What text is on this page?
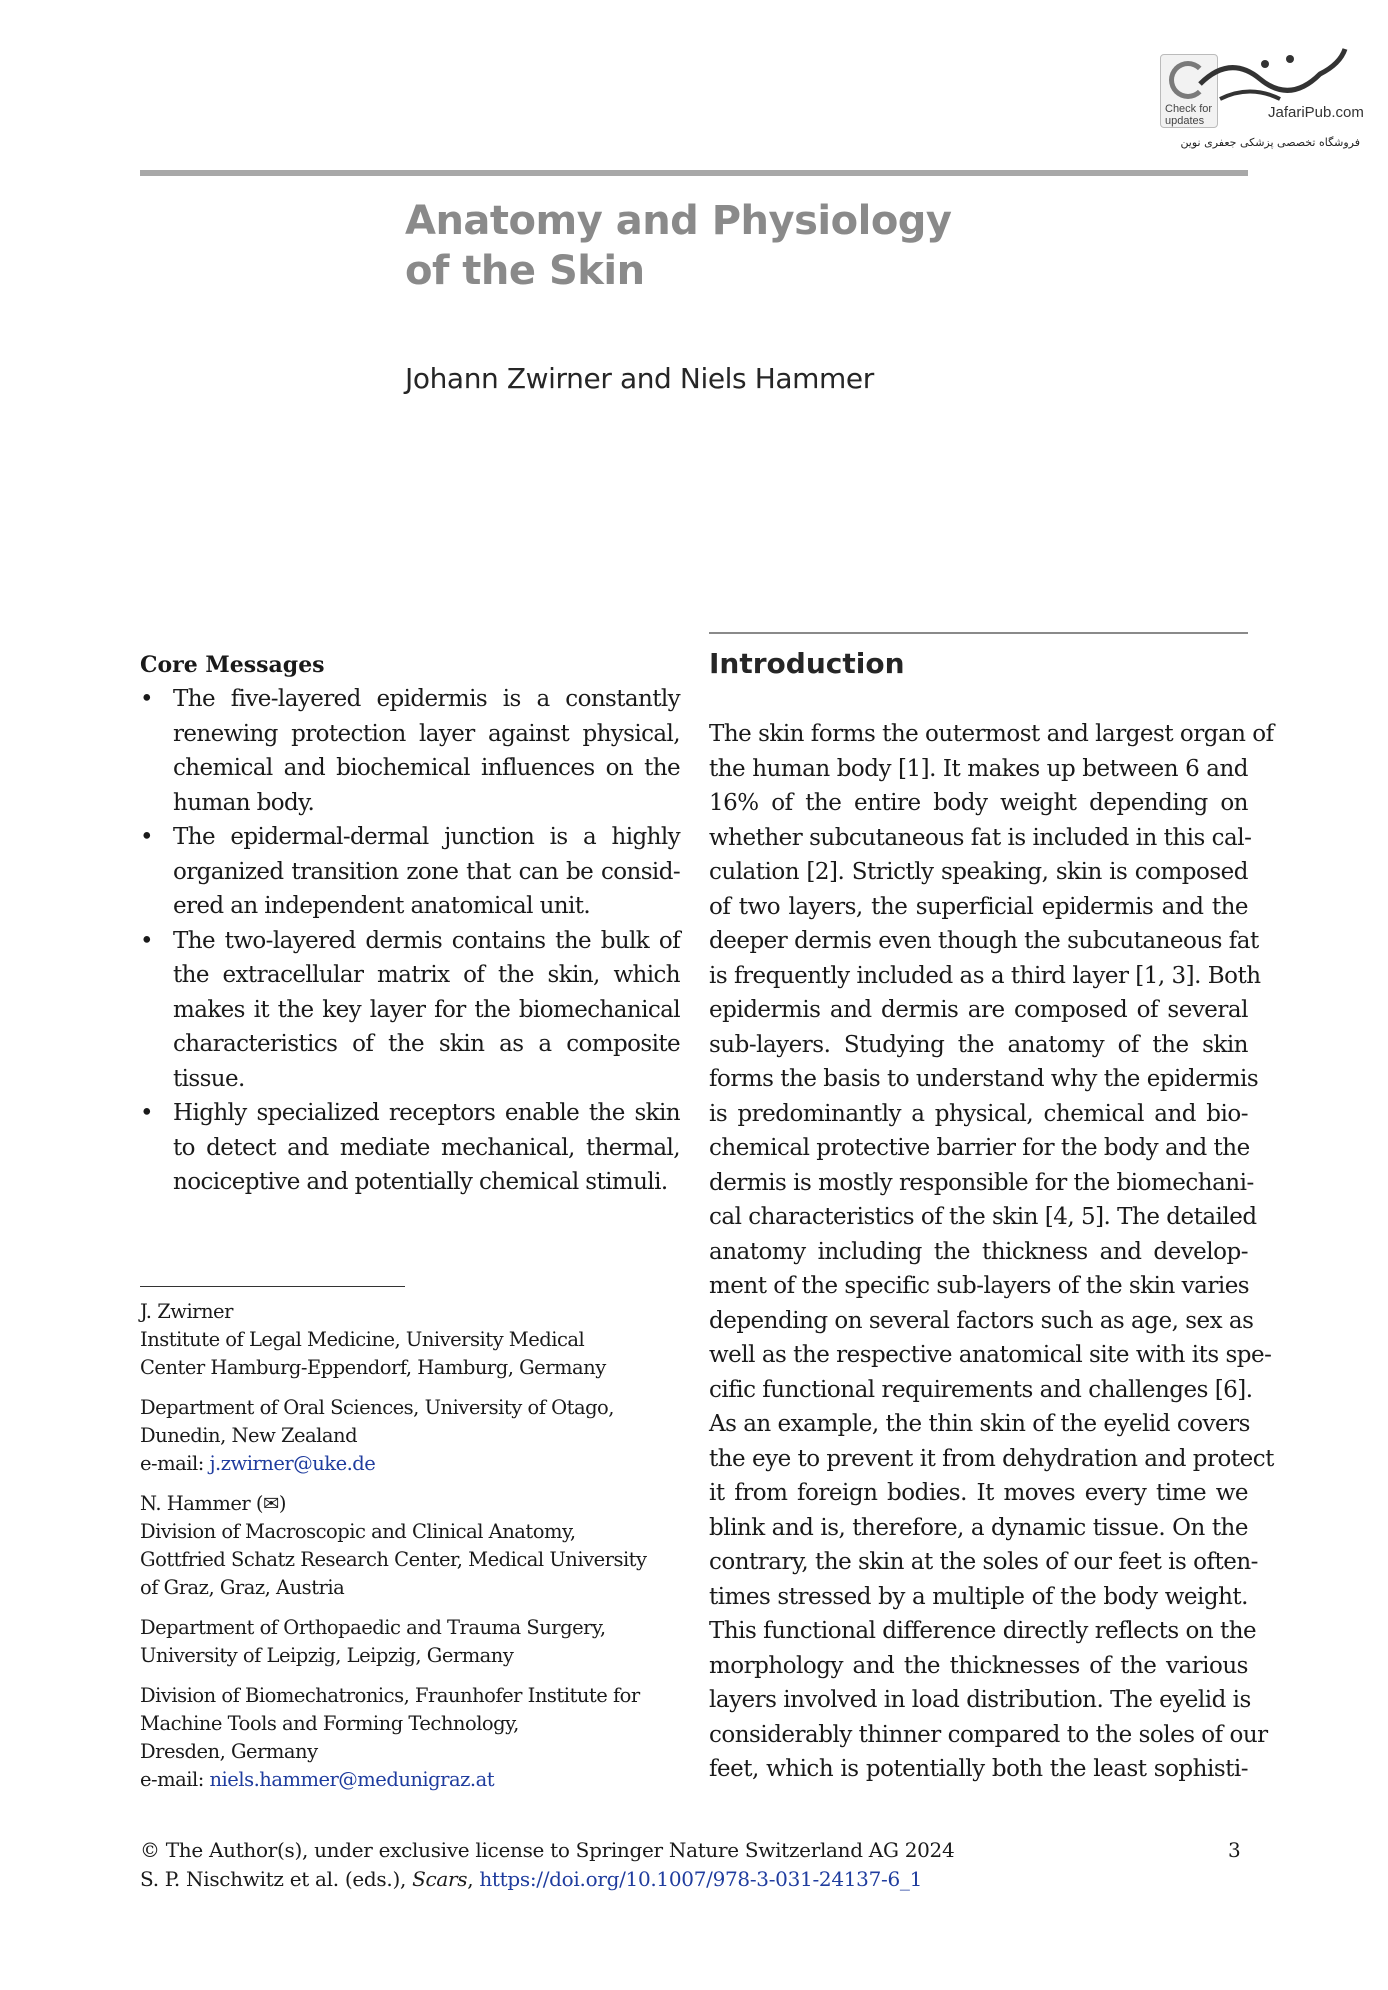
Check for updates	JafariPub.com
فروشگاه تخصصی پزشکی جعفری نوین
Anatomy and Physiology
of the Skin
Johann Zwirner and Niels Hammer
Core Messages
• The five-layered epidermis is a constantly renewing protection layer against physical, chemical and biochemical influences on the human body.
• The epidermal-dermal junction is a highly organized transition zone that can be consid-ered an independent anatomical unit.
• The two-layered dermis contains the bulk of the extracellular matrix of the skin, which makes it the key layer for the biomechanical characteristics of the skin as a composite tissue.
• Highly specialized receptors enable the skin to detect and mediate mechanical, thermal, nociceptive and potentially chemical stimuli.

J. Zwirner
Institute of Legal Medicine, University Medical
Center Hamburg-Eppendorf, Hamburg, Germany

Department of Oral Sciences, University of Otago,
Dunedin, New Zealand
e-mail: j.zwirner@uke.de

N. Hammer (✉)
Division of Macroscopic and Clinical Anatomy,
Gottfried Schatz Research Center, Medical University
of Graz, Graz, Austria

Department of Orthopaedic and Trauma Surgery,
University of Leipzig, Leipzig, Germany

Division of Biomechatronics, Fraunhofer Institute for
Machine Tools and Forming Technology,
Dresden, Germany
e-mail: niels.hammer@medunigraz.at

Introduction
The skin forms the outermost and largest organ of
the human body [1]. It makes up between 6 and
16% of the entire body weight depending on
whether subcutaneous fat is included in this cal-
culation [2]. Strictly speaking, skin is composed
of two layers, the superficial epidermis and the
deeper dermis even though the subcutaneous fat
is frequently included as a third layer [1, 3]. Both
epidermis and dermis are composed of several
sub-layers. Studying the anatomy of the skin
forms the basis to understand why the epidermis
is predominantly a physical, chemical and bio-
chemical protective barrier for the body and the
dermis is mostly responsible for the biomechani-
cal characteristics of the skin [4, 5]. The detailed
anatomy including the thickness and develop-
ment of the specific sub-layers of the skin varies
depending on several factors such as age, sex as
well as the respective anatomical site with its spe-
cific functional requirements and challenges [6].
As an example, the thin skin of the eyelid covers
the eye to prevent it from dehydration and protect
it from foreign bodies. It moves every time we
blink and is, therefore, a dynamic tissue. On the
contrary, the skin at the soles of our feet is often-
times stressed by a multiple of the body weight.
This functional difference directly reflects on the
morphology and the thicknesses of the various
layers involved in load distribution. The eyelid is
considerably thinner compared to the soles of our
feet, which is potentially both the least sophisti-
© The Author(s), under exclusive license to Springer Nature Switzerland AG 2024
S. P. Nischwitz et al. (eds.), Scars, https://doi.org/10.1007/978-3-031-24137-6_1
3
